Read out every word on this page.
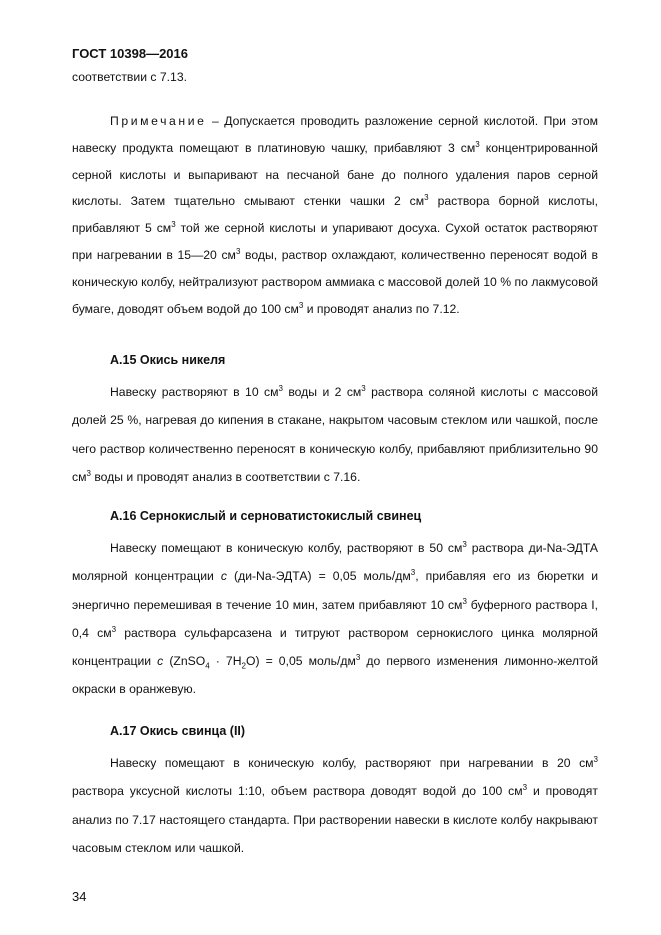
ГОСТ 10398—2016
соответствии с 7.13.

Примечание – Допускается проводить разложение серной кислотой. При этом навеску продукта помещают в платиновую чашку, прибавляют 3 $см^3$ концентрированной серной кислоты и выпаривают на песчаной бане до полного удаления паров серной кислоты. Затем тщательно смывают стенки чашки 2 $см^3$ раствора борной кислоты, прибавляют 5 $см^3$ той же серной кислоты и упаривают досуха. Сухой остаток растворяют при нагревании в 15—20 $см^3$ воды, раствор охлаждают, количественно переносят водой в коническую колбу, нейтрализуют раствором аммиака с массовой долей 10 % по лакмусовой бумаге, доводят объем водой до 100 $см^3$ и проводят анализ по 7.12.

А.15 Окись никеля

Навеску растворяют в 10 $см^3$ воды и 2 $см^3$ раствора соляной кислоты с массовой долей 25 %, нагревая до кипения в стакане, накрытом часовым стеклом или чашкой, после чего раствор количественно переносят в коническую колбу, прибавляют приблизительно 90 $см^3$ воды и проводят анализ в соответствии с 7.16.

А.16 Сернокислый и серноватистокислый свинец

Навеску помещают в коническую колбу, растворяют в 50 $см^3$ раствора ди-Na-ЭДТА молярной концентрации c (ди-Na-ЭДТА) = 0,05 моль/$дм^3$, прибавляя его из бюретки и энергично перемешивая в течение 10 мин, затем прибавляют 10 $см^3$ буферного раствора I, 0,4 $см^3$ раствора сульфарсазена и титруют раствором сернокислого цинка молярной концентрации c (ZnSO$_4$ · $7H_2O) = 0,05$ моль/$дм^3$ до первого изменения лимонно-желтой окраски в оранжевую.

А.17 Окись свинца (II)

Навеску помещают в коническую колбу, растворяют при нагревании в 20 $см^3$ раствора уксусной кислоты 1:10, объем раствора доводят водой до 100 $см^3$ и проводят анализ по 7.17 настоящего стандарта. При растворении навески в кислоте колбу накрывают часовым стеклом или чашкой.

34
